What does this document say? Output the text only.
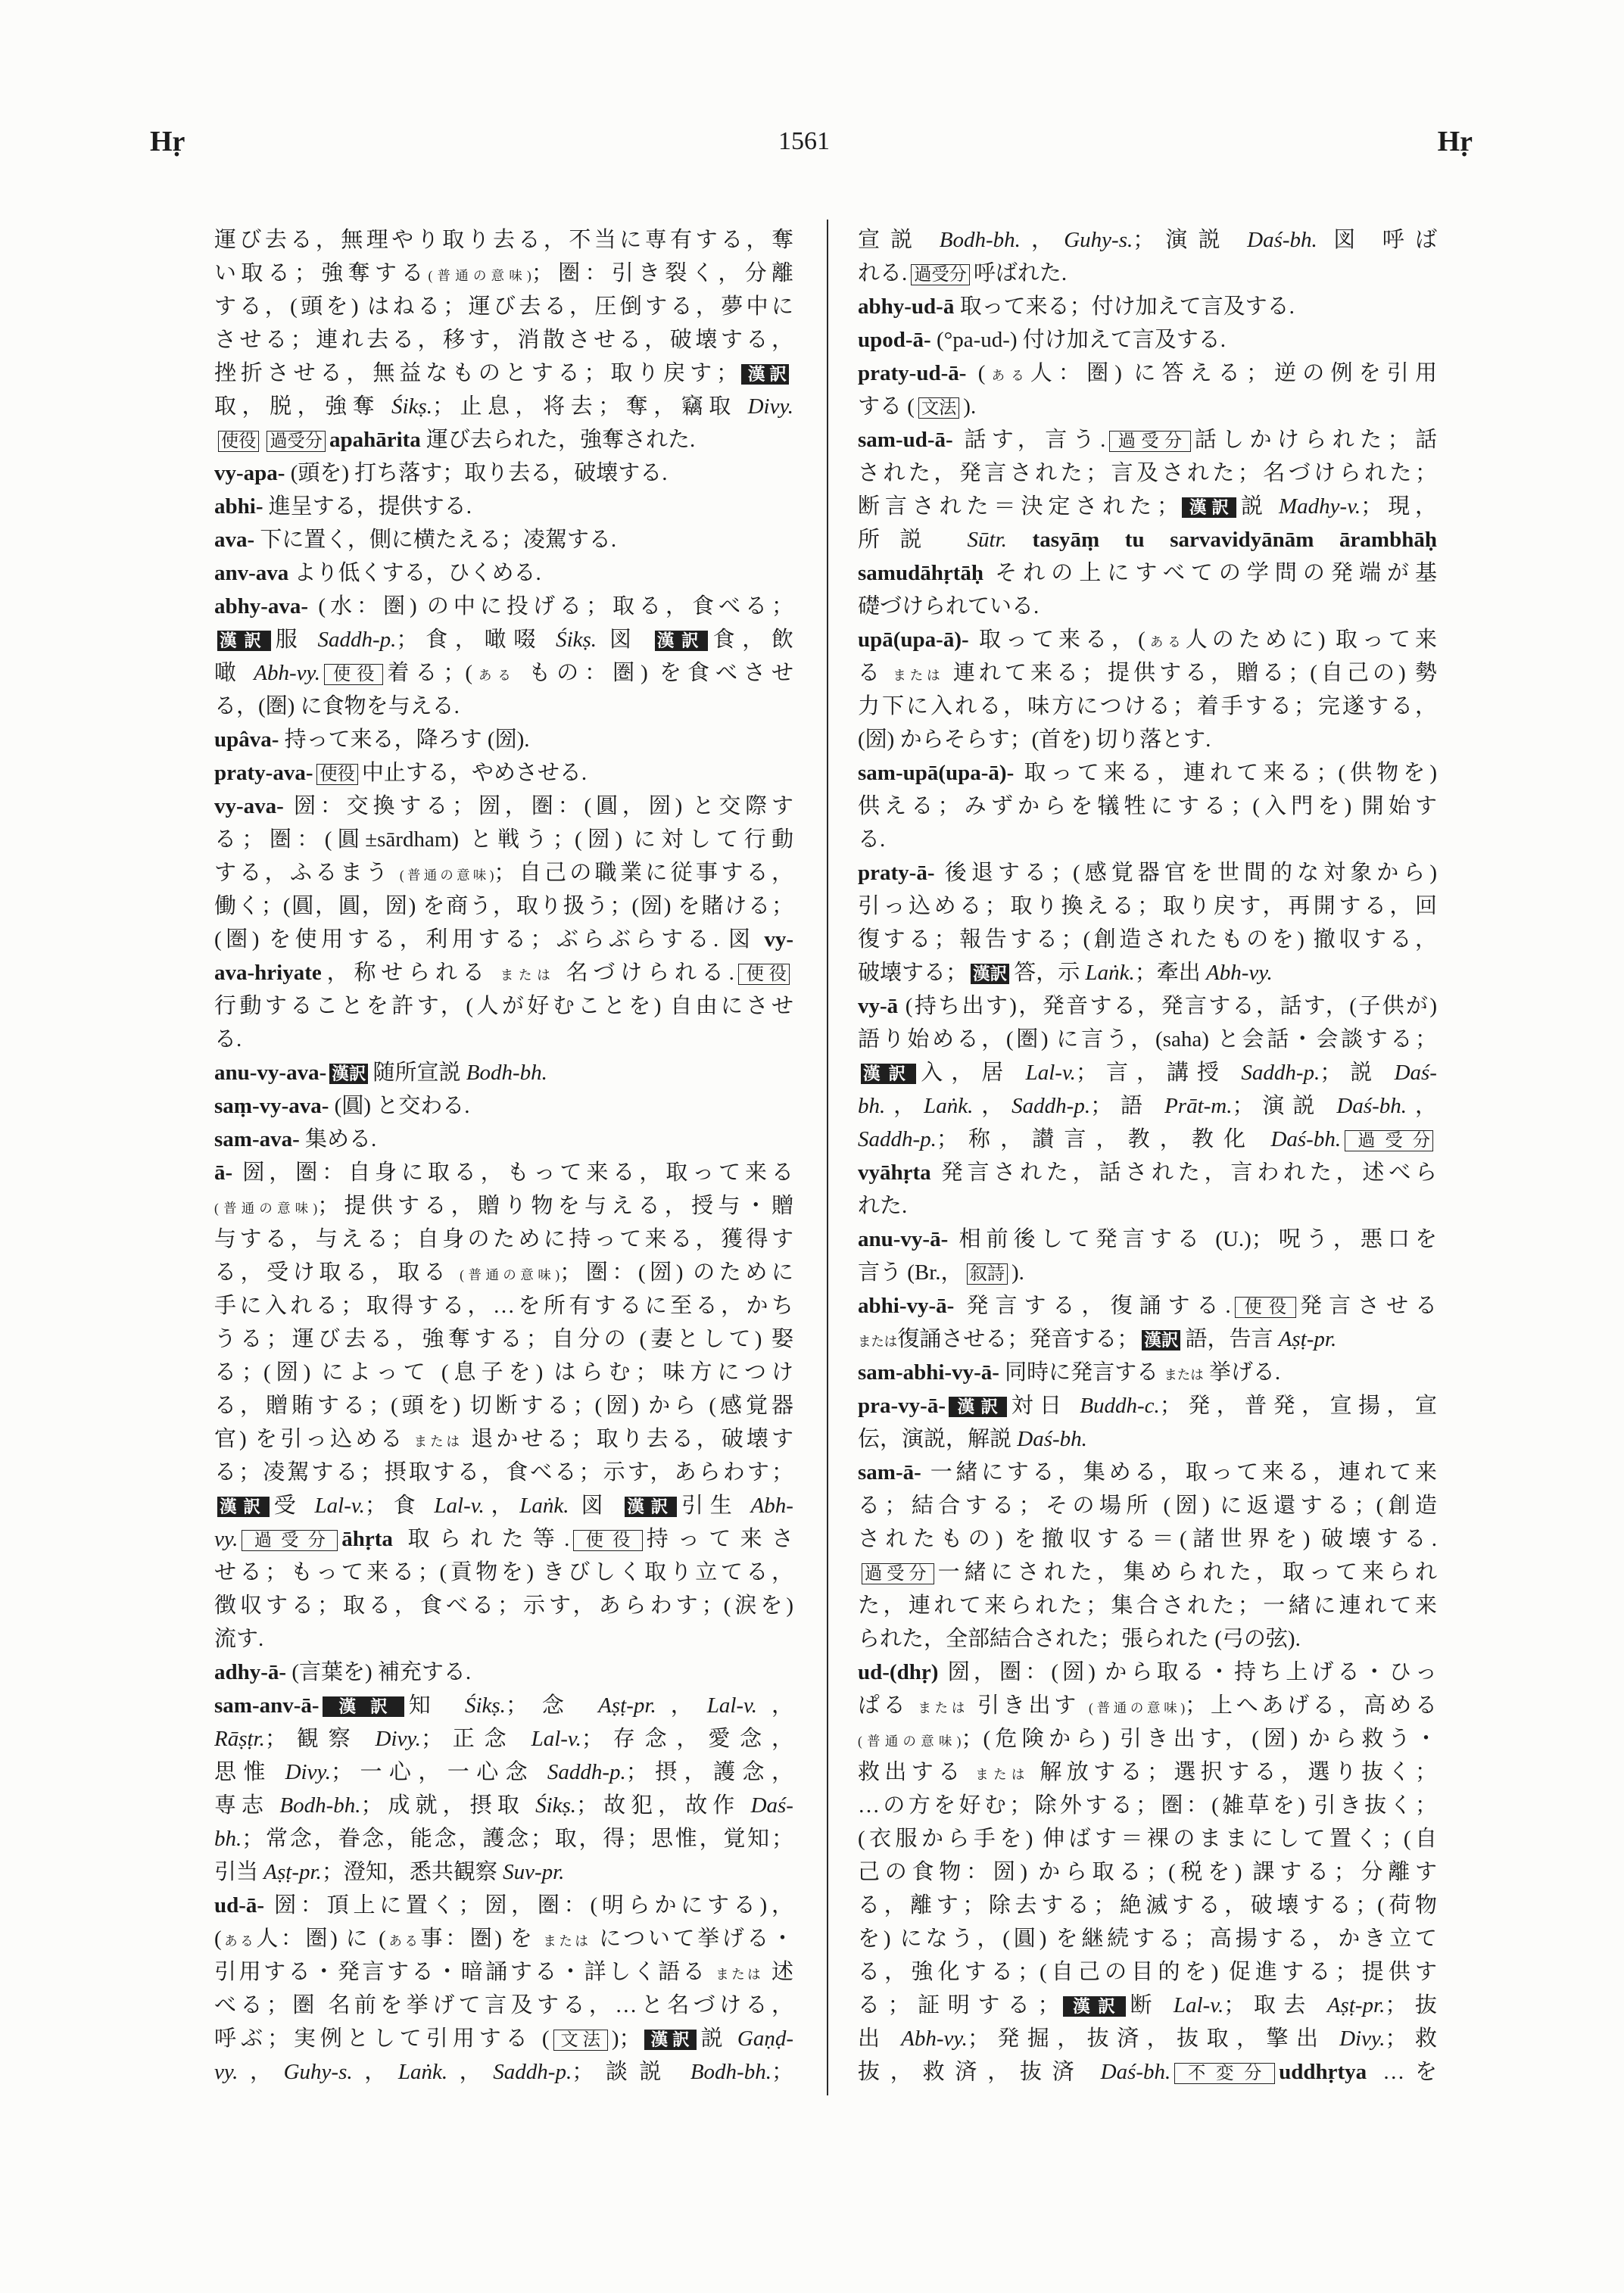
Hṛ	1561	Hṛ
運び去る，無理やり取り去る，不当に専有する，奪
い取る；強奪する(普通の意味)；圏：引き裂く，分離
する，(頭を) はねる；運び去る，圧倒する，夢中に
させる；連れ去る，移す，消散させる，破壊する，
挫折させる，無益なものとする；取り戻す； 漢訳
取，脱，強奪 Śikṣ.；止息，将去；奪，竊取 Divy.
使役 過受分 apahārita 運び去られた，強奪された.
vy-apa- (頭を) 打ち落す；取り去る，破壊する.
abhi- 進呈する，提供する.
ava- 下に置く，側に横たえる；凌駕する.
anv-ava より低くする，ひくめる.
abhy-ava- (水：圏) の中に投げる；取る，食べる；
漢訳 服 Saddh-p.；食，噉啜 Śikṣ. 図 漢訳 食，飲
噉 Abh-vy. 使役 着る；(ある もの：圏) を食べさせ
る，(圏) に食物を与える.
upâva- 持って来る，降ろす (圀).
praty-ava- 使役 中止する，やめさせる.
vy-ava- 圀：交換する；圀，圏：(圓，圀) と交際す
る；圏：(圓±sārdham) と戦う；(圀) に対して行動
する，ふるまう (普通の意味)；自己の職業に従事する，
働く；(圓，圓，圀) を商う，取り扱う；(圀) を賭ける；
(圏) を使用する，利用する；ぶらぶらする. 図 vy-
ava-hriyate，称せられる または 名づけられる. 使役
行動することを許す，(人が好むことを) 自由にさせ
る.
anu-vy-ava- 漢訳 随所宣説 Bodh-bh.
saṃ-vy-ava- (圓) と交わる.
sam-ava- 集める.
ā- 圀，圏：自身に取る，もって来る，取って来る
(普通の意味)；提供する，贈り物を与える，授与・贈
与する，与える；自身のために持って来る，獲得す
る，受け取る，取る (普通の意味)；圏：(圀) のために
手に入れる；取得する，…を所有するに至る，かち
うる；運び去る，強奪する；自分の (妻として) 娶
る；(圀) によって (息子を) はらむ；味方につけ
る，贈賄する；(頭を) 切断する；(圀) から (感覚器
官) を引っ込める または 退かせる；取り去る，破壊す
る；凌駕する；摂取する，食べる；示す，あらわす；
漢訳 受 Lal-v.；食 Lal-v.，Laṅk. 図 漢訳 引生 Abh-
vy. 過受分 āhṛta 取られた等. 使役 持って来さ
せる；もって来る；(貢物を) きびしく取り立てる，
徴収する；取る，食べる；示す，あらわす；(涙を)
流す.
adhy-ā- (言葉を) 補充する.
sam-anv-ā- 漢訳 知 Śikṣ.；念 Aṣṭ-pr.，Lal-v.，
Rāṣṭr.；観察 Divy.；正念 Lal-v.；存念，愛念，
思惟 Divy.；一心，一心念 Saddh-p.；摂，護念，
専志 Bodh-bh.；成就，摂取 Śikṣ.；故犯，故作 Daś-
bh.；常念，眷念，能念，護念；取，得；思惟，覚知；
引当 Aṣṭ-pr.；澄知，悉共観察 Suv-pr.
ud-ā- 圀：頂上に置く；圀，圏：(明らかにする)，
(ある人：圏) に (ある事：圏) を または について挙げる・
引用する・発言する・暗誦する・詳しく語る または 述
べる；圏 名前を挙げて言及する，…と名づける，
呼ぶ；実例として引用する ( 文法 )； 漢訳 説 Gaṇḍ-
vy.，Guhy-s.，Laṅk.，Saddh-p.；談説 Bodh-bh.；
宣説 Bodh-bh.，Guhy-s.；演説 Daś-bh. 図 呼ば
れる. 過受分 呼ばれた.
abhy-ud-ā 取って来る；付け加えて言及する.
upod-ā- (°pa-ud-) 付け加えて言及する.
praty-ud-ā- (ある人：圏) に答える；逆の例を引用
する ( 文法 ).
sam-ud-ā- 話す，言う. 過受分 話しかけられた；話
された，発言された；言及された；名づけられた；
断言された＝決定された； 漢訳 説 Madhy-v.；現，
所説 Sūtr. tasyāṃ tu sarvavidyānām ārambhāḥ
samudāhṛtāḥ それの上にすべての学問の発端が基
礎づけられている.
upā(upa-ā)- 取って来る，(ある人のために) 取って来
る または 連れて来る；提供する，贈る；(自己の) 勢
力下に入れる，味方につける；着手する；完遂する，
(圀) からそらす；(首を) 切り落とす.
sam-upā(upa-ā)- 取って来る，連れて来る；(供物を)
供える；みずからを犠牲にする；(入門を) 開始す
る.
praty-ā- 後退する；(感覚器官を世間的な対象から)
引っ込める；取り換える；取り戻す，再開する，回
復する；報告する；(創造されたものを) 撤収する，
破壊する； 漢訳 答，示 Laṅk.；牽出 Abh-vy.
vy-ā (持ち出す)，発音する，発言する，話す，(子供が)
語り始める，(圏) に言う，(saha) と会話・会談する；
漢訳 入，居 Lal-v.；言，講授 Saddh-p.；説 Daś-
bh.，Laṅk.，Saddh-p.；語 Prāt-m.；演説 Daś-bh.，
Saddh-p.；称，讃言，教，教化 Daś-bh. 過受分
vyāhṛta 発言された，話された，言われた，述べら
れた.
anu-vy-ā- 相前後して発言する (U.)；呪う，悪口を
言う (Br.， 叙詩 ).
abhi-vy-ā- 発言する，復誦する. 使役 発言させる
または復誦させる；発音する； 漢訳 語，告言 Aṣṭ-pr.
sam-abhi-vy-ā- 同時に発言する または 挙げる.
pra-vy-ā- 漢訳 対日 Buddh-c.；発，普発，宣揚，宣
伝，演説，解説 Daś-bh.
sam-ā- 一緒にする，集める，取って来る，連れて来
る；結合する；その場所 (圀) に返還する；(創造
されたもの) を撤収する＝(諸世界を) 破壊する.
過受分 一緒にされた，集められた，取って来られ
た，連れて来られた；集合された；一緒に連れて来
られた，全部結合された；張られた (弓の弦).
ud-(dhṛ) 圀，圏：(圀) から取る・持ち上げる・ひっ
ぱる または 引き出す (普通の意味)；上へあげる，高める
(普通の意味)；(危険から) 引き出す，(圀) から救う・
救出する または 解放する；選択する，選り抜く；
…の方を好む；除外する；圏：(雑草を) 引き抜く；
(衣服から手を) 伸ばす＝裸のままにして置く；(自
己の食物：圀) から取る；(税を) 課する；分離す
る，離す；除去する；絶滅する，破壊する；(荷物
を) になう，(圓) を継続する；高揚する，かき立て
る，強化する；(自己の目的を) 促進する；提供す
る；証明する； 漢訳 断 Lal-v.；取去 Aṣṭ-pr.；抜
出 Abh-vy.；発掘，抜済，抜取，擎出 Divy.；救
抜，救済，抜済 Daś-bh. 不変分 uddhṛtya …を
